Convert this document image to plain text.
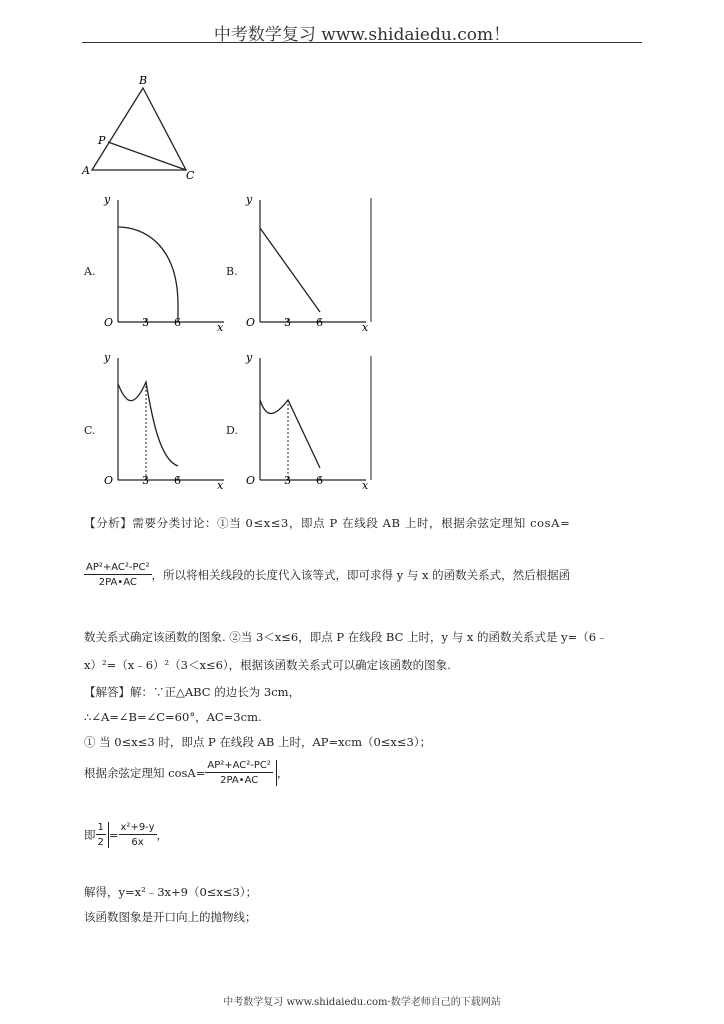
中考数学复习 www.shidaiedu.com！
B
P
A	C
A.	B.
C.	D.
y
O	3 6	x
y
O	3 6	x
y
O	3 6	x
y
O	3 6	x
【分析】需要分类讨论：①当 0≤x≤3，即点 P 在线段 AB 上时，根据余弦定理知 cosA=
$\frac{\text{AP²+AC²-PC²}}{2PA•AC}$ ，所以将相关线段的长度代入该等式，即可求得 y 与 x 的函数关系式，然后根据函
数关系式确定该函数的图象. ②当 3＜x≤6，即点 P 在线段 BC 上时，y 与 x 的函数关系式是 y=（6﹣
x）²=（x﹣6）²（3＜x≤6），根据该函数关系式可以确定该函数的图象.
【解答】解：∵正△ABC 的边长为 3cm，
∴∠A=∠B=∠C=60°，AC=3cm.
① 当 0≤x≤3 时，即点 P 在线段 AB 上时，AP=xcm（0≤x≤3）；
根据余弦定理知 $\cos A= \frac{\text{AP²+AC²-PC²}}{2PA•AC}$ ，
即 $\frac{1}{2} = \frac{\text{x²+9-y}}{6x}$ ，
解得，y=x²﹣3x+9（0≤x≤3）；
该函数图象是开口向上的抛物线；
中考数学复习 www.shidaiedu.com·数学老师自己的下载网站
